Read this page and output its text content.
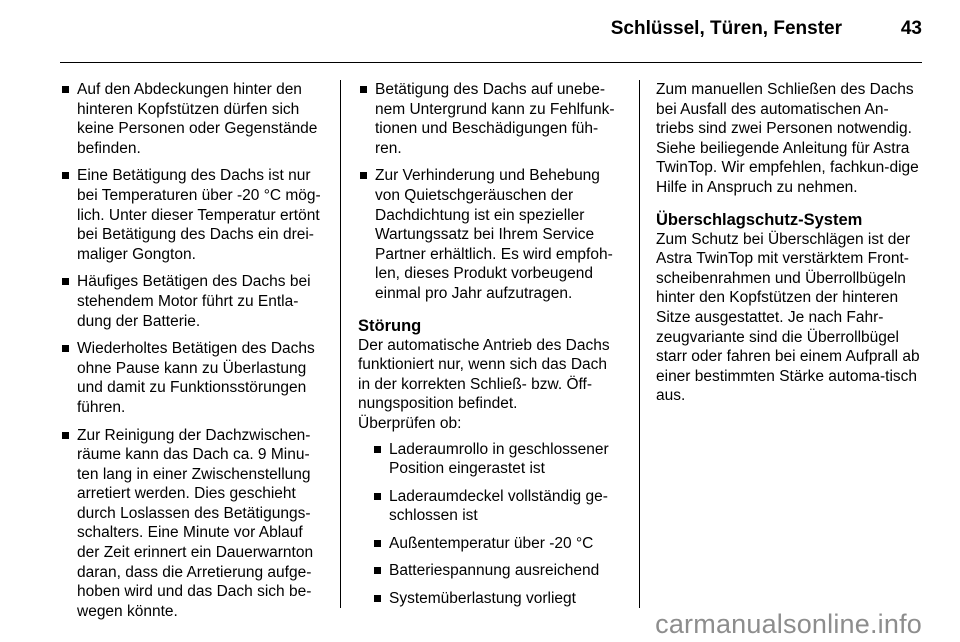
Schlüssel, Türen, Fenster	43
Auf den Abdeckungen hinter den hinteren Kopfstützen dürfen sich keine Personen oder Gegenstände befinden.
Eine Betätigung des Dachs ist nur bei Temperaturen über -20 °C mög-lich. Unter dieser Temperatur ertönt bei Betätigung des Dachs ein drei-maliger Gongton.
Häufiges Betätigen des Dachs bei stehendem Motor führt zu Entla-dung der Batterie.
Wiederholtes Betätigen des Dachs ohne Pause kann zu Überlastung und damit zu Funktionsstörungen führen.
Zur Reinigung der Dachzwischen-räume kann das Dach ca. 9 Minu-ten lang in einer Zwischenstellung arretiert werden. Dies geschieht durch Loslassen des Betätigungs-schalters. Eine Minute vor Ablauf der Zeit erinnert ein Dauerwarnton daran, dass die Arretierung aufge-hoben wird und das Dach sich be-wegen könnte.
Betätigung des Dachs auf unebe-nem Untergrund kann zu Fehlfunk-tionen und Beschädigungen füh-ren.
Zur Verhinderung und Behebung von Quietschgeräuschen der Dachdichtung ist ein spezieller Wartungssatz bei Ihrem Service Partner erhältlich. Es wird empfoh-len, dieses Produkt vorbeugend einmal pro Jahr aufzutragen.
Störung

Der automatische Antrieb des Dachs funktioniert nur, wenn sich das Dach in der korrekten Schließ- bzw. Öff-nungsposition befindet.

Überprüfen ob:

Laderaumrollo in geschlossener Position eingerastet ist
Laderaumdeckel vollständig ge-schlossen ist
Außentemperatur über -20 °C
Batteriespannung ausreichend
Systemüberlastung vorliegt

Zum manuellen Schließen des Dachs bei Ausfall des automatischen An-triebs sind zwei Personen notwendig. Siehe beiliegende Anleitung für Astra TwinTop. Wir empfehlen, fachkun-dige Hilfe in Anspruch zu nehmen.

Überschlagschutz-System

Zum Schutz bei Überschlägen ist der Astra TwinTop mit verstärktem Front-scheibenrahmen und Überrollbügeln hinter den Kopfstützen der hinteren Sitze ausgestattet. Je nach Fahr-zeugvariante sind die Überrollbügel starr oder fahren bei einem Aufprall ab einer bestimmten Stärke automa-tisch aus.

carmanualsonline.info
